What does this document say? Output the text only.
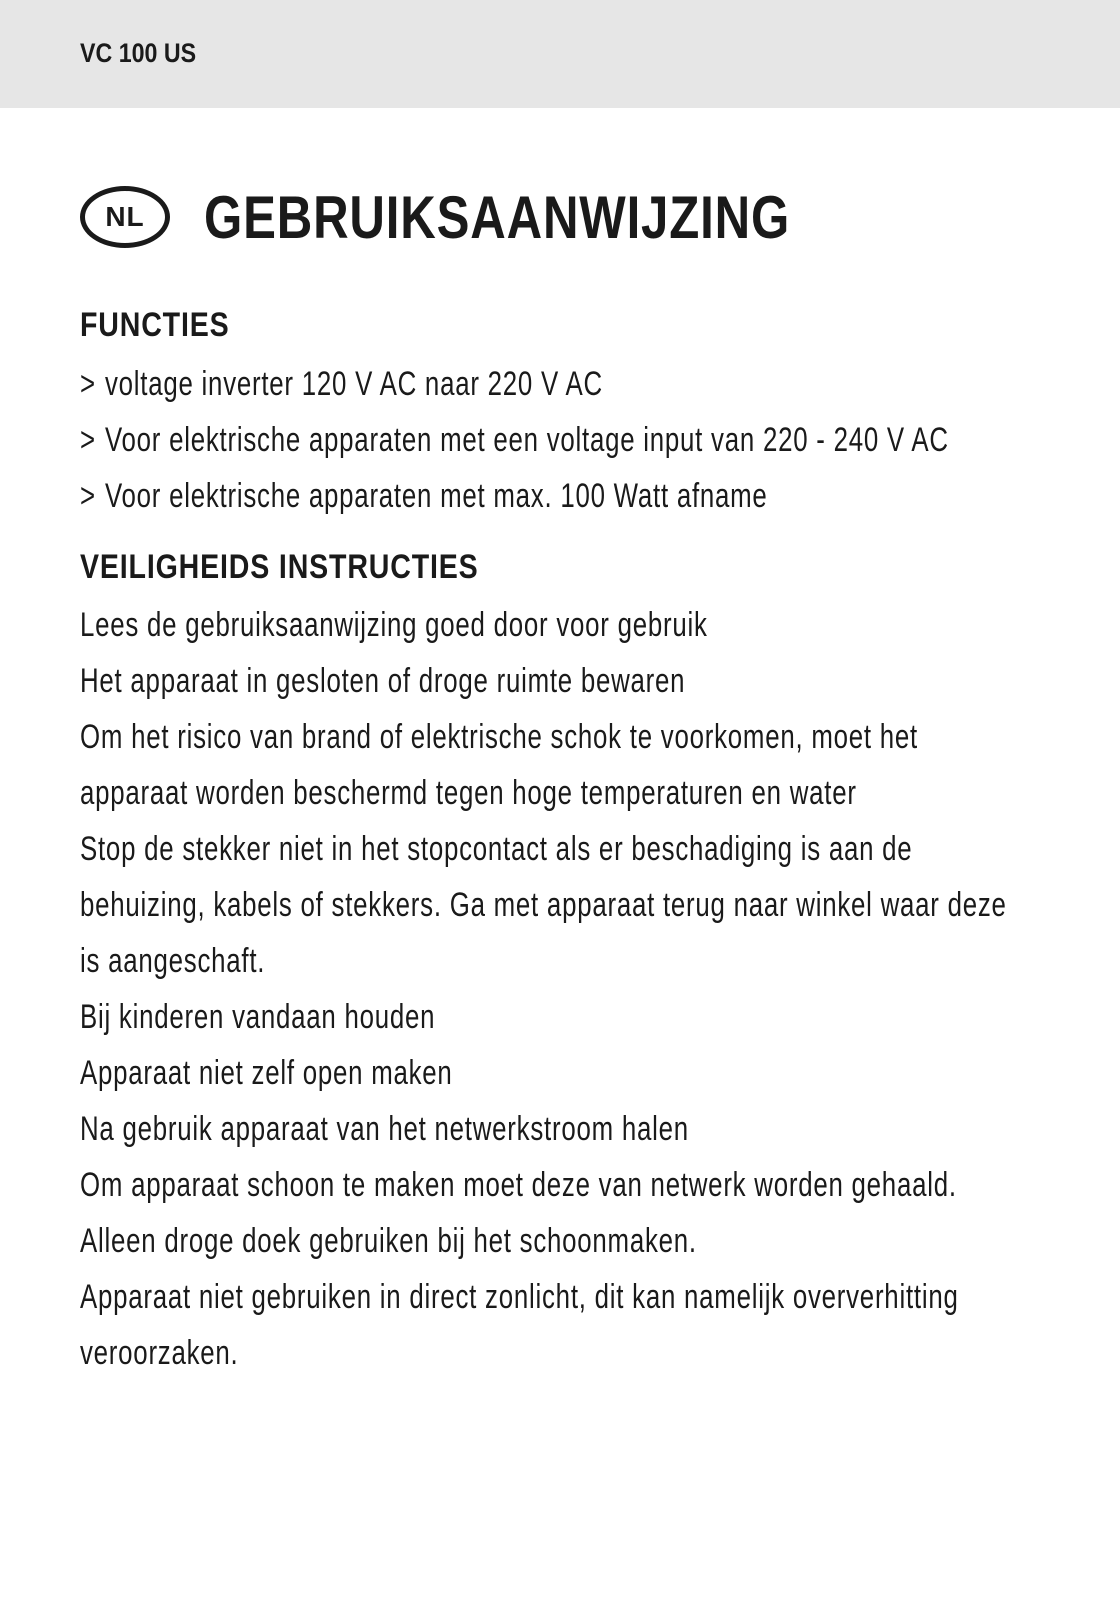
VC 100 US
NL GEBRUIKSAANWIJZING
FUNCTIES
> voltage inverter 120 V AC naar 220 V AC
> Voor elektrische apparaten met een voltage input van 220 - 240 V AC
> Voor elektrische apparaten met max. 100 Watt afname
VEILIGHEIDS INSTRUCTIES
Lees de gebruiksaanwijzing goed door voor gebruik
Het apparaat in gesloten of droge ruimte bewaren
Om het risico van brand of elektrische schok te voorkomen, moet het
apparaat worden beschermd tegen hoge temperaturen en water
Stop de stekker niet in het stopcontact als er beschadiging is aan de
behuizing, kabels of stekkers. Ga met apparaat terug naar winkel waar deze
is aangeschaft.
Bij kinderen vandaan houden
Apparaat niet zelf open maken
Na gebruik apparaat van het netwerkstroom halen
Om apparaat schoon te maken moet deze van netwerk worden gehaald.
Alleen droge doek gebruiken bij het schoonmaken.
Apparaat niet gebruiken in direct zonlicht, dit kan namelijk oververhitting
veroorzaken.
